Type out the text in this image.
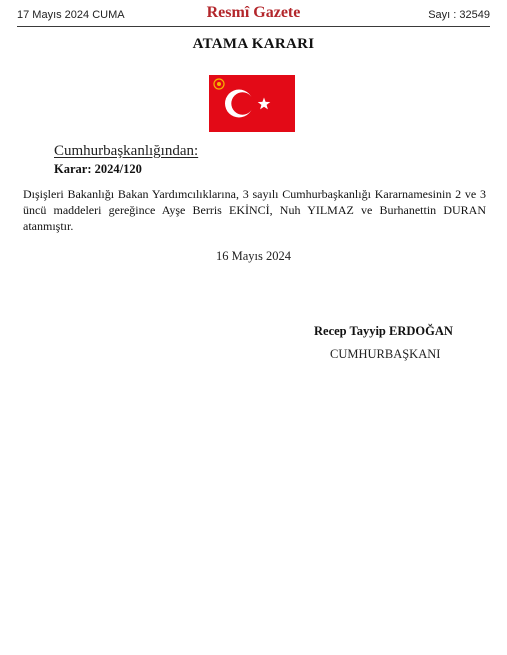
17 Mayıs 2024 CUMA	Resmî Gazete	Sayı : 32549
ATAMA KARARI
Cumhurbaşkanlığından:
Karar: 2024/120
Dışişleri Bakanlığı Bakan Yardımcılıklarına, 3 sayılı Cumhurbaşkanlığı Kararnamesinin 2 ve 3 üncü maddeleri gereğince Ayşe Berris EKİNCİ, Nuh YILMAZ ve Burhanettin DURAN atanmıştır.
16 Mayıs 2024
Recep Tayyip ERDOĞAN
CUMHURBAŞKANI
